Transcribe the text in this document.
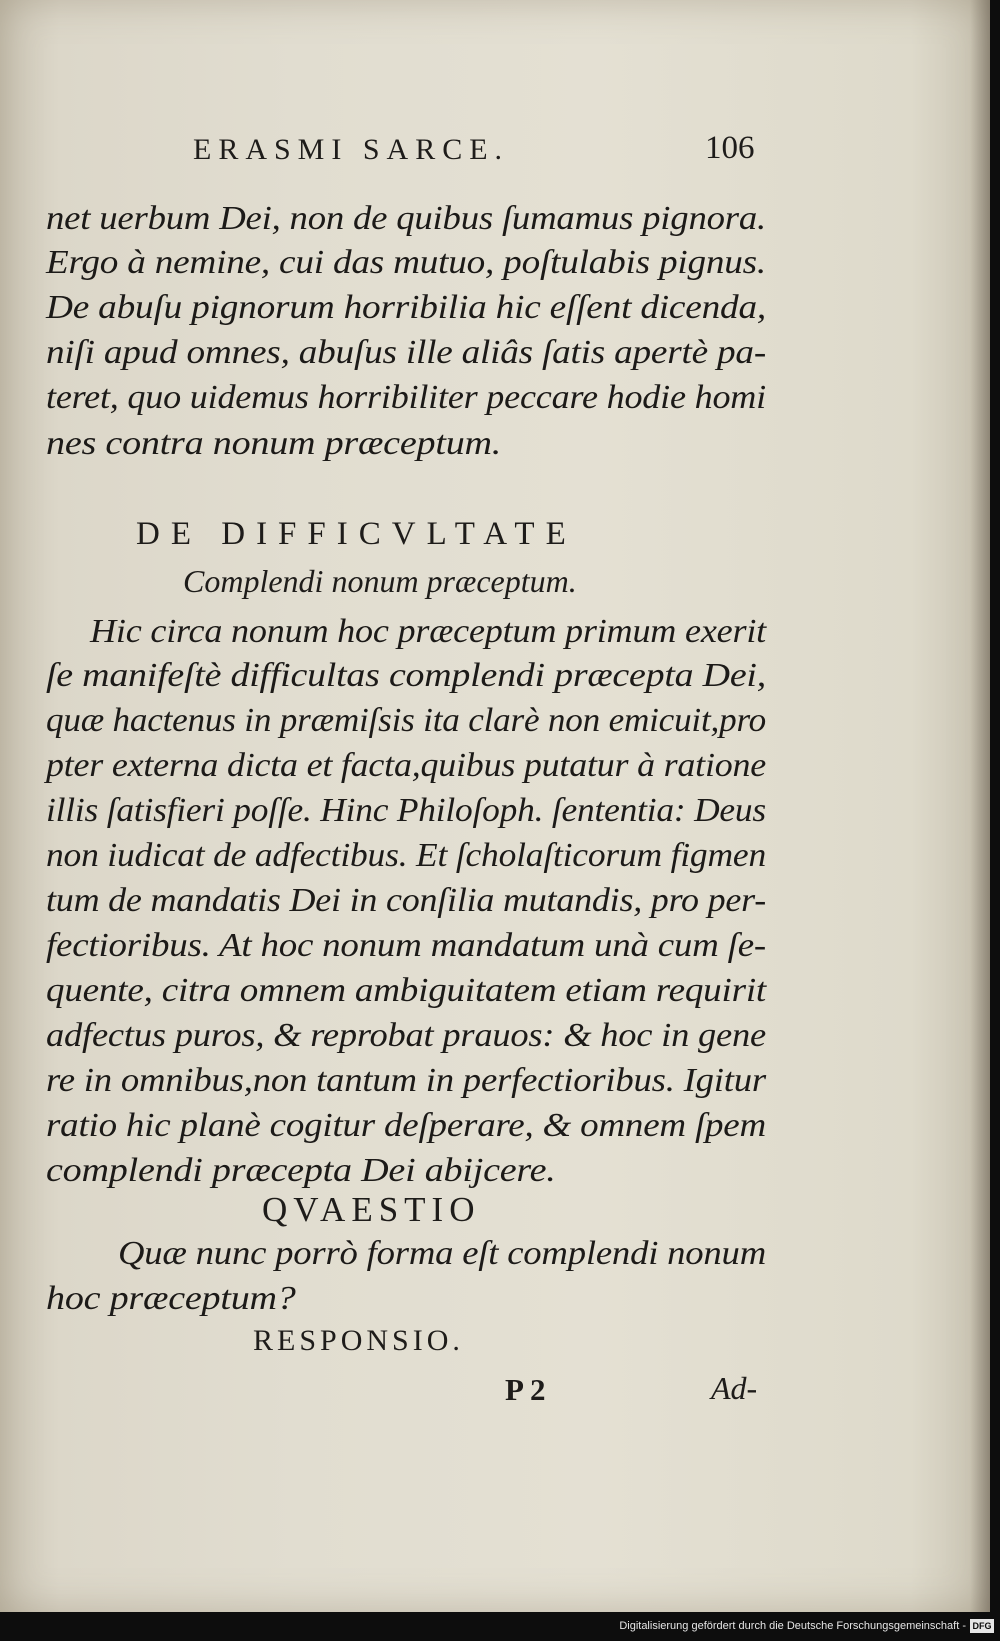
ERASMI SARCE.	106
net uerbum Dei, non de quibus ſumamus pignora.
Ergo à nemine, cui das mutuo, poſtulabis pignus.
De abuſu pignorum horribilia hic eſſent dicenda,
niſi apud omnes, abuſus ille aliâs ſatis apertè pa-
teret, quo uidemus horribiliter peccare hodie homi
nes contra nonum præceptum.
DE DIFFICVLTATE
Complendi nonum præceptum.
Hic circa nonum hoc præceptum primum exerit
ſe manifeſtè difficultas complendi præcepta Dei,
quæ hactenus in præmiſsis ita clarè non emicuit,pro
pter externa dicta et facta,quibus putatur à ratione
illis ſatisfieri poſſe. Hinc Philoſoph. ſententia: Deus
non iudicat de adfectibus. Et ſcholaſticorum figmen
tum de mandatis Dei in conſilia mutandis, pro per-
fectioribus. At hoc nonum mandatum unà cum ſe-
quente, citra omnem ambiguitatem etiam requirit
adfectus puros, & reprobat prauos: & hoc in gene
re in omnibus,non tantum in perfectioribus. Igitur
ratio hic planè cogitur deſperare, & omnem ſpem
complendi præcepta Dei abijcere.
QVAESTIO
Quæ nunc porrò forma eſt complendi nonum
hoc præceptum?
RESPONSIO.
P 2	Ad-
Digitalisierung gefördert durch die Deutsche Forschungsgemeinschaft - DFG
